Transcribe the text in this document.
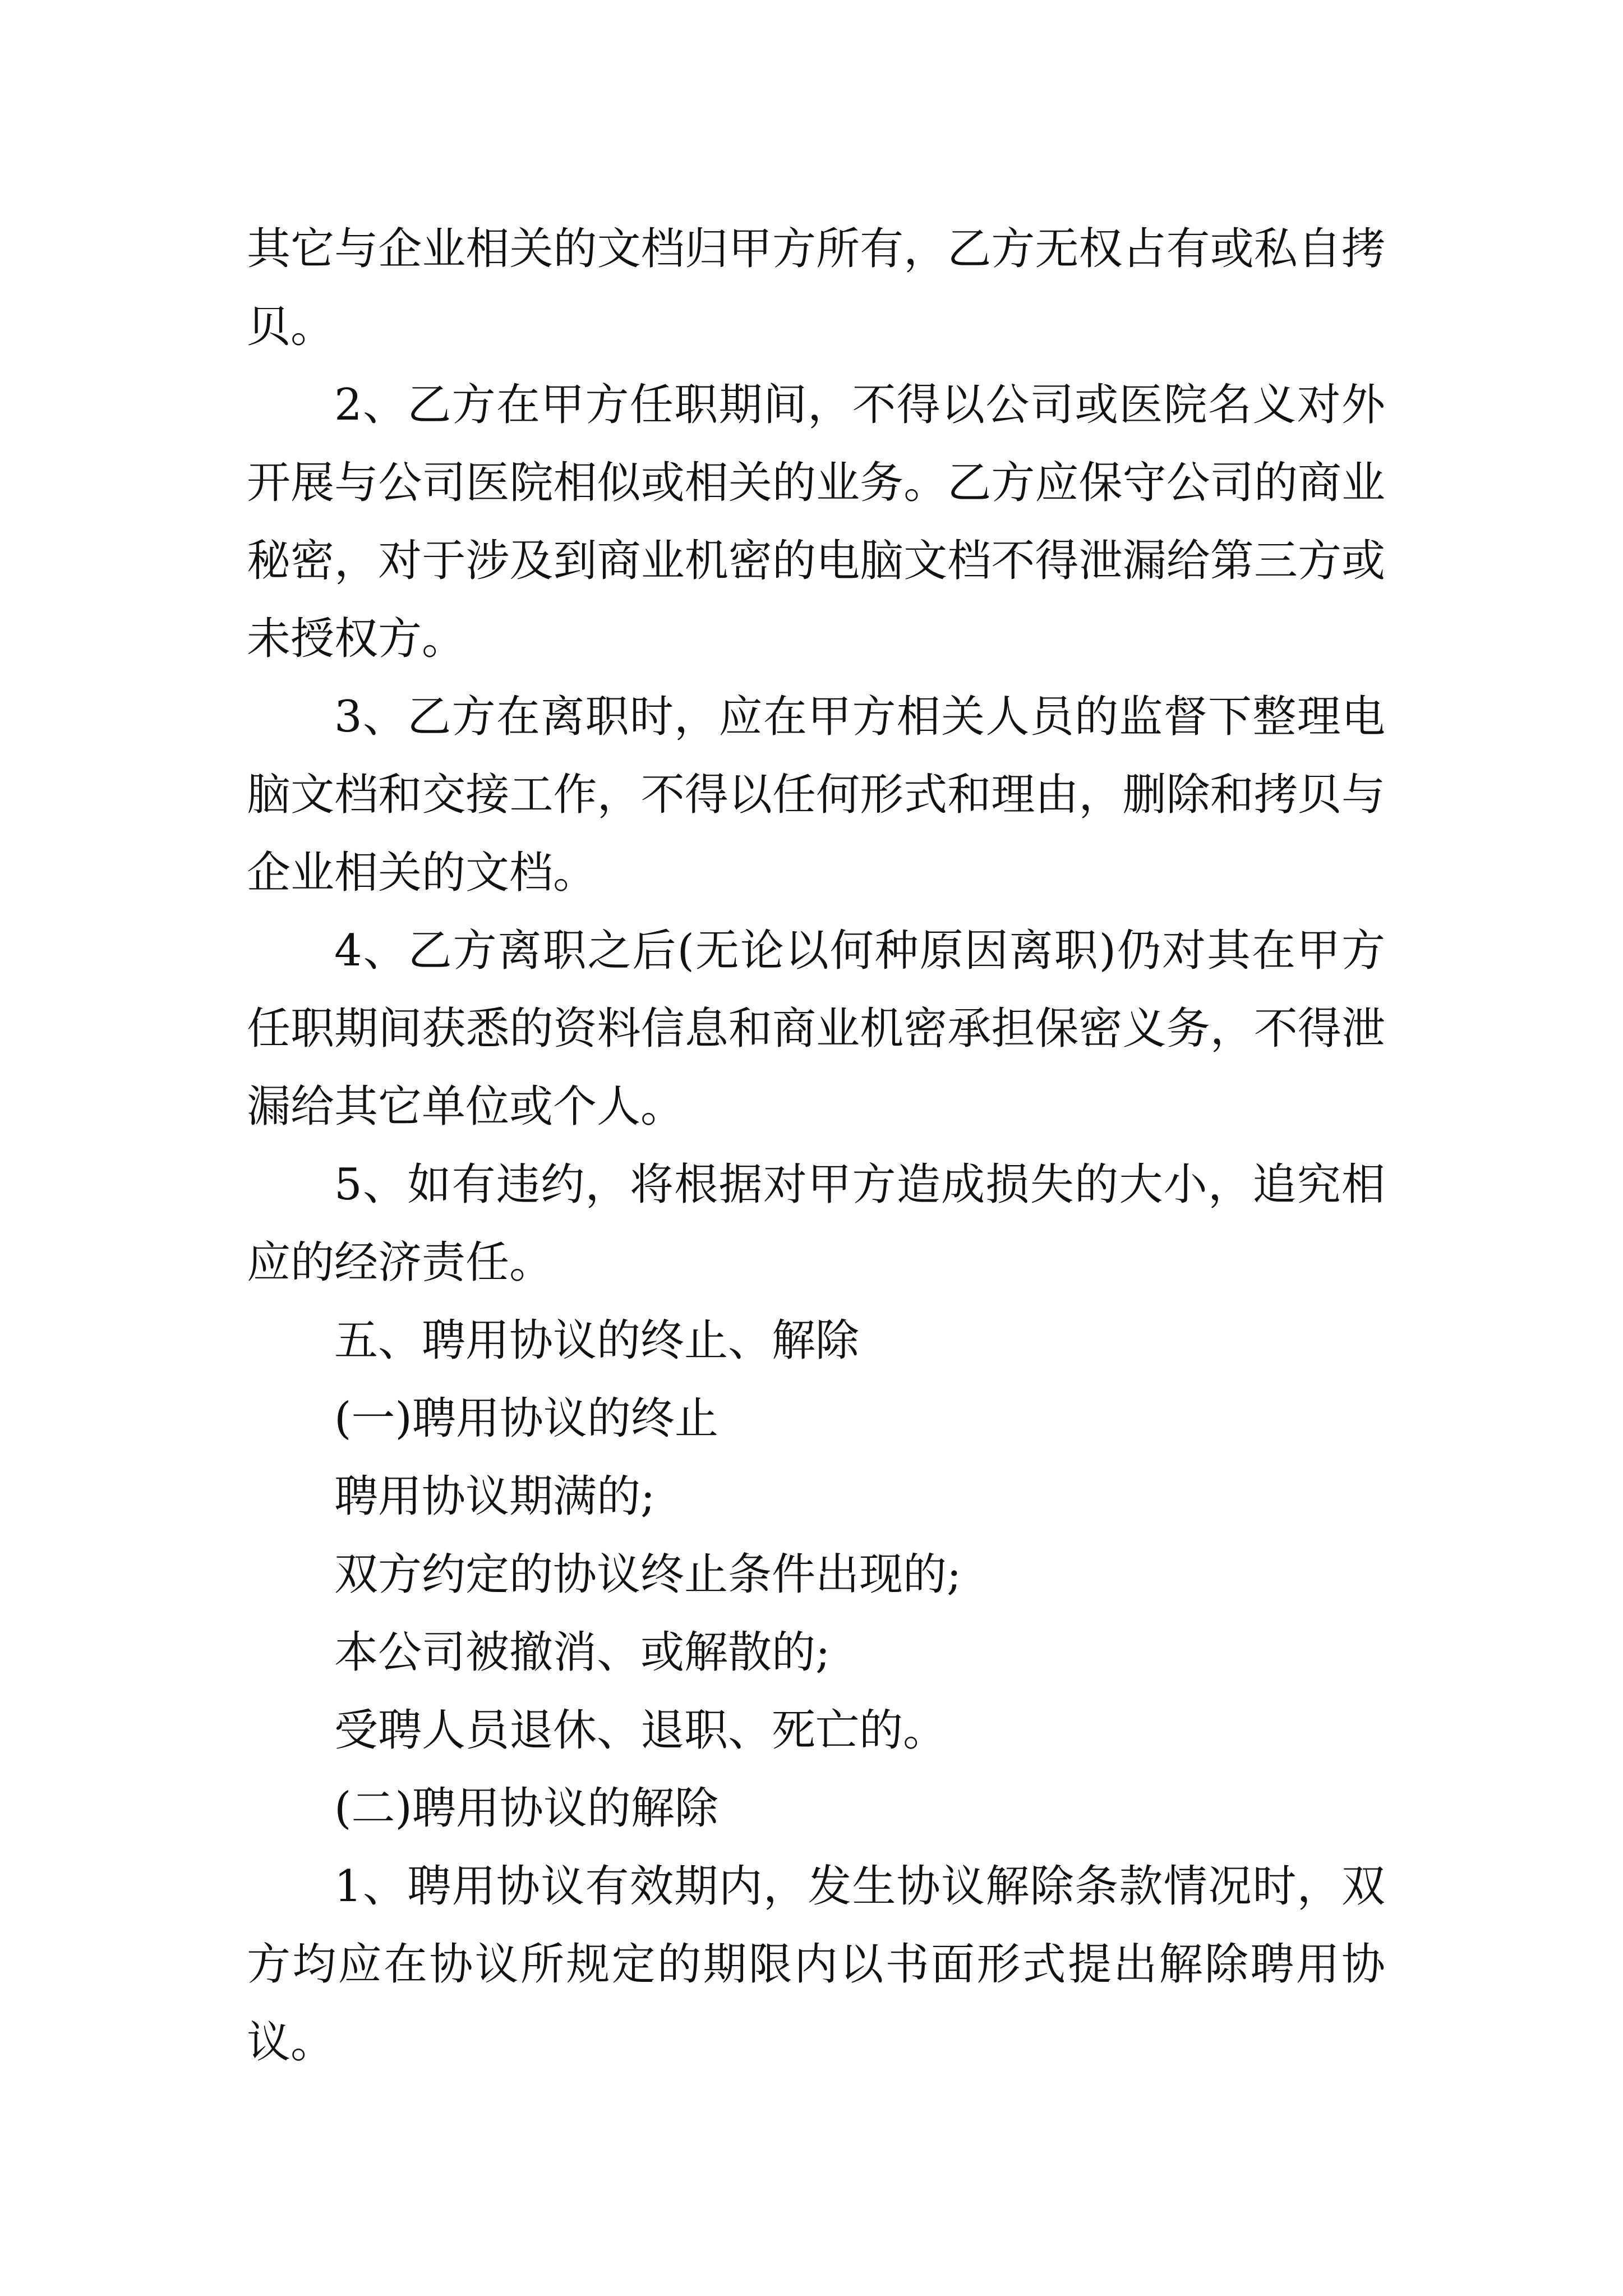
其它与企业相关的文档归甲方所有，乙方无权占有或私自拷
贝。
2、乙方在甲方任职期间，不得以公司或医院名义对外
开展与公司医院相似或相关的业务。乙方应保守公司的商业
秘密，对于涉及到商业机密的电脑文档不得泄漏给第三方或
未授权方。
3、乙方在离职时，应在甲方相关人员的监督下整理电
脑文档和交接工作，不得以任何形式和理由，删除和拷贝与
企业相关的文档。
4、乙方离职之后(无论以何种原因离职)仍对其在甲方
任职期间获悉的资料信息和商业机密承担保密义务，不得泄
漏给其它单位或个人。
5、如有违约，将根据对甲方造成损失的大小，追究相
应的经济责任。
五、聘用协议的终止、解除
(一)聘用协议的终止
聘用协议期满的;
双方约定的协议终止条件出现的;
本公司被撤消、或解散的;
受聘人员退休、退职、死亡的。
(二)聘用协议的解除
1、聘用协议有效期内，发生协议解除条款情况时，双
方均应在协议所规定的期限内以书面形式提出解除聘用协
议。
